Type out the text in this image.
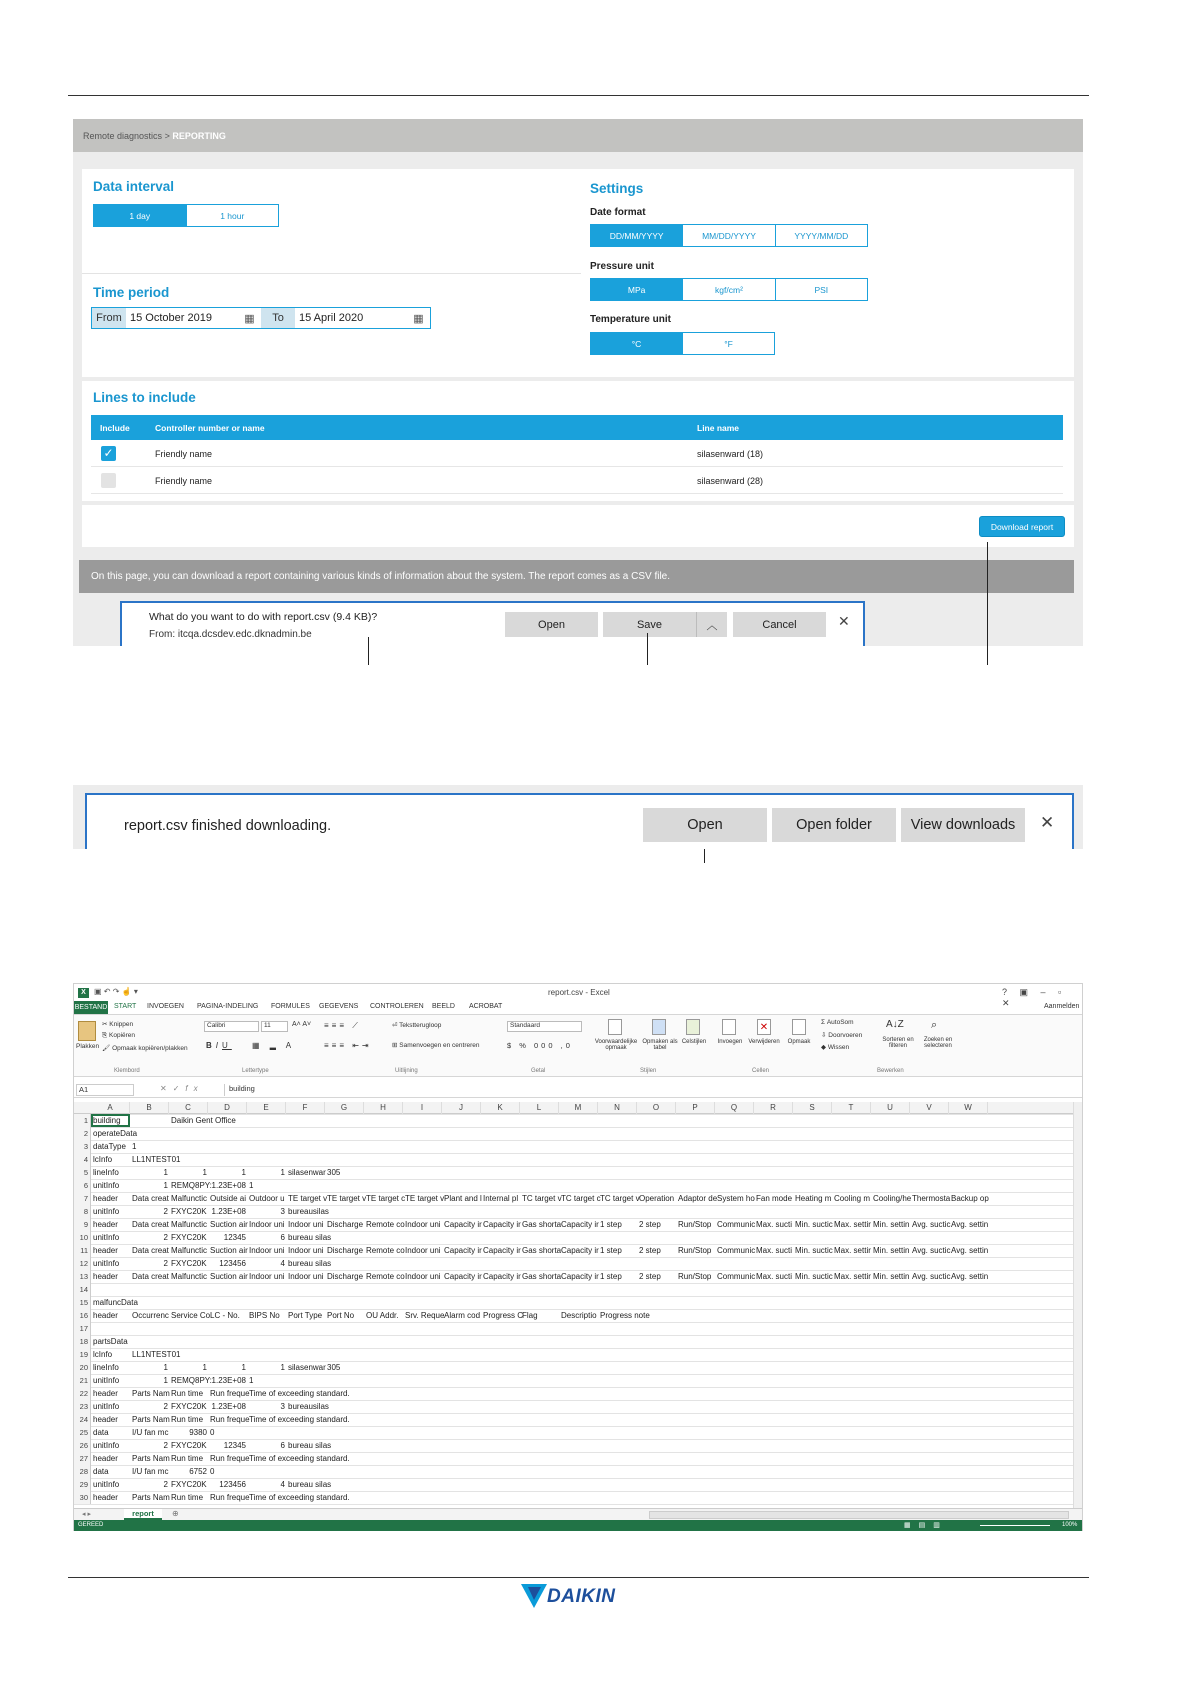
Remote diagnostics > REPORTING
Data interval
1 day	1 hour
Time period
From 15 October 2019	▦	To	15 April 2020	▦
Settings
Date format
DD/MM/YYYY	MM/DD/YYYY	YYYY/MM/DD
Pressure unit
MPa	kgf/cm²	PSI
Temperature unit
°C	°F
Lines to include
Include	Controller number or name	Line name
✓	Friendly name	silasenward (18)
Friendly name	silasenward (28)
Download report
On this page, you can download a report containing various kinds of information about the system. The report comes as a CSV file.
What do you want to do with report.csv (9.4 KB)?
From: itcqa.dcsdev.edc.dknadmin.be
Open	Save	︿	Cancel	✕
report.csv finished downloading.	Open	Open folder	View downloads	✕
X	▣ ↶ ↷ ☝ ▾	report.csv - Excel	? ▣ – ▫ ✕
BESTAND START INVOEGEN PAGINA-INDELING FORMULES GEGEVENS CONTROLEREN BEELD ACROBAT	Aanmelden
Plakken
✂ Knippen
⎘ Kopiëren
🖌 Opmaak kopiëren/plakken
Calibri	11	A˄ A˅
BIU	▦ ▂ A
≡≡≡ ⟋	⏎ Tekstterugloop
≡≡≡ ⇤⇥	⊞ Samenvoegen en centreren
Standaard
$ % 000 ,0	Voorwaardelijke opmaak
Opmaken als tabel
Celstijlen	Invoegen
✕
Verwijderen	Opmaak
Σ AutoSom
⇩ Doorvoeren
◆ Wissen
A↓Z
Sorteren en filteren
⌕
Zoeken en selecteren
Klembord	Lettertype	Uitlijning	Getal	Stijlen	Cellen	Bewerken
A1	✕✓fx	building
A	B	C	D	E	F	G	H	I	J	K	L	M	N	O	P	Q	R	S	T	U	V	W
1 building	Daikin Gent Office
2 operateData
3 dataType 1
4 lcInfo	LL1NTEST01
5 lineInfo	1	1	1	1 silasenwar 305
6 unitInfo	1 REMQ8PY: 1.23E+08 1
7 header	Data creat Malfunctic Outside ai Outdoor u TE target v TE target v TE target c TE target v Plant and l Internal pl TC target v TC target c TC target v Operation Adaptor de System ho Fan mode Heating m Cooling m Cooling/he Thermosta Backup op
8 unitInfo	2 FXYC20K 1.23E+08	3 bureausilas
9 header	Data creat Malfunctic Suction air Indoor uni Indoor uni Discharge Remote co Indoor uni Capacity ir Capacity ir Gas shorta Capacity ir 1 step	2 step	Run/Stop Communic Max. sucti Min. suctic Max. settir Min. settin Avg. suctic Avg. settin
10 unitInfo	2 FXYC20K	12345	6 bureau silas
11 header	Data creat Malfunctic Suction air Indoor uni Indoor uni Discharge Remote co Indoor uni Capacity ir Capacity ir Gas shorta Capacity ir 1 step	2 step	Run/Stop Communic Max. sucti Min. suctic Max. settir Min. settin Avg. suctic Avg. settin
12 unitInfo	2 FXYC20K	123456	4 bureau silas
13 header	Data creat Malfunctic Suction air Indoor uni Indoor uni Discharge Remote co Indoor uni Capacity ir Capacity ir Gas shorta Capacity ir 1 step	2 step	Run/Stop Communic Max. sucti Min. suctic Max. settir Min. settin Avg. suctic Avg. settin
14
15 malfuncData
16 header	Occurrenc Service Co LC - No.	BIPS No	Port Type Port No	OU Addr. Srv. Reque Alarm cod Progress C
Flag	Descriptio Progress note
17
18 partsData
19 lcInfo	LL1NTEST01
20 lineInfo	1	1	1	1 silasenwar 305
21 unitInfo	1 REMQ8PY: 1.23E+08 1
22 header	Parts Nam Run time Run freque Time of exceeding standard.
23 unitInfo	2 FXYC20K 1.23E+08	3 bureausilas
24 header	Parts Nam Run time Run freque Time of exceeding standard.
25 data	I/U fan mc	9380 0
26 unitInfo	2 FXYC20K	12345	6 bureau silas
27 header	Parts Nam Run time Run freque Time of exceeding standard.
28 data	I/U fan mc	6752 0
29 unitInfo	2 FXYC20K	123456	4 bureau silas
30 header	Parts Nam Run time Run freque Time of exceeding standard.
◂ ▸	report	⊕
GEREED	▦▤▥	100%
DAIKIN
